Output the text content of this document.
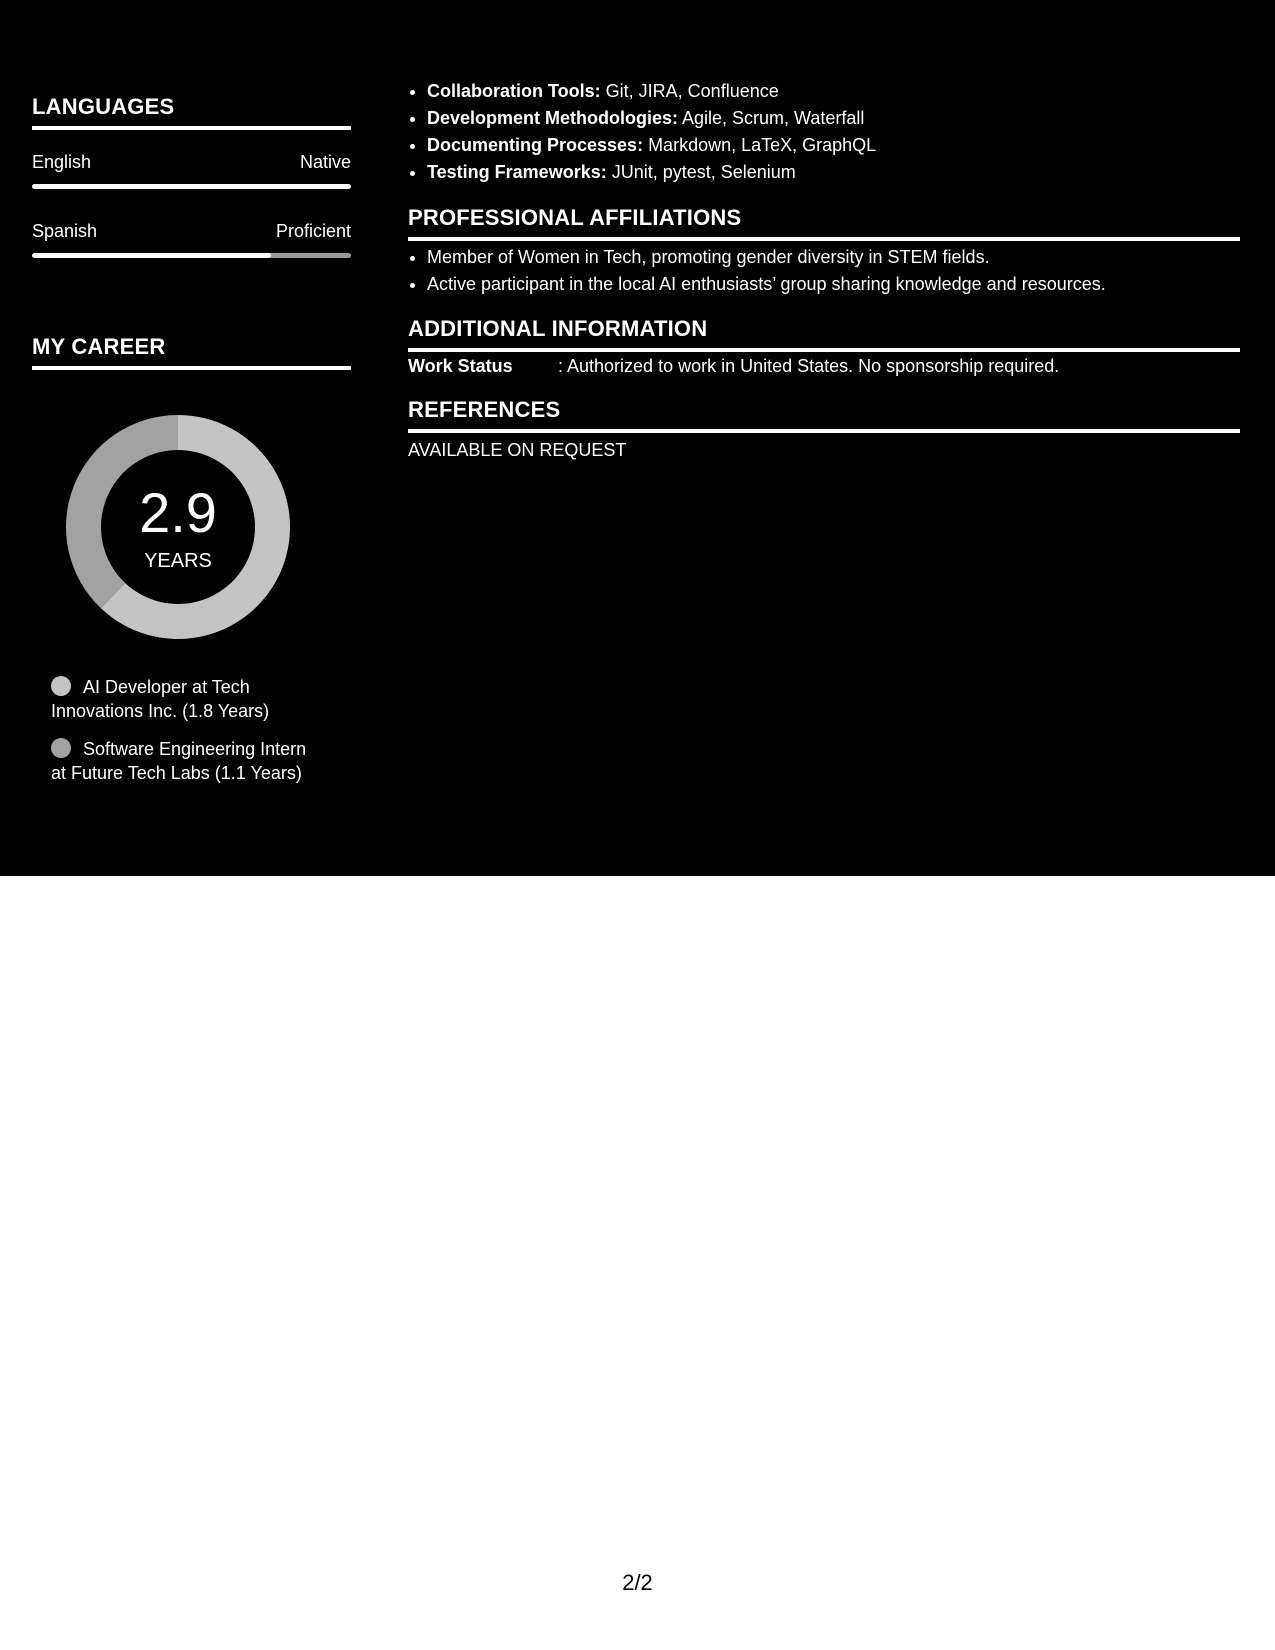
LANGUAGES
English	Native
Spanish	Proficient
MY CAREER
2.9
YEARS
AI Developer at Tech
Innovations Inc. (1.8 Years)
Software Engineering Intern
at Future Tech Labs (1.1 Years)
• Collaboration Tools: Git, JIRA, Confluence
• Development Methodologies: Agile, Scrum, Waterfall
• Documenting Processes: Markdown, LaTeX, GraphQL
• Testing Frameworks: JUnit, pytest, Selenium
PROFESSIONAL AFFILIATIONS
• Member of Women in Tech, promoting gender diversity in STEM fields.
• Active participant in the local AI enthusiasts’ group sharing knowledge and resources.
ADDITIONAL INFORMATION
Work Status	: Authorized to work in United States. No sponsorship required.
REFERENCES
AVAILABLE ON REQUEST
2/2
